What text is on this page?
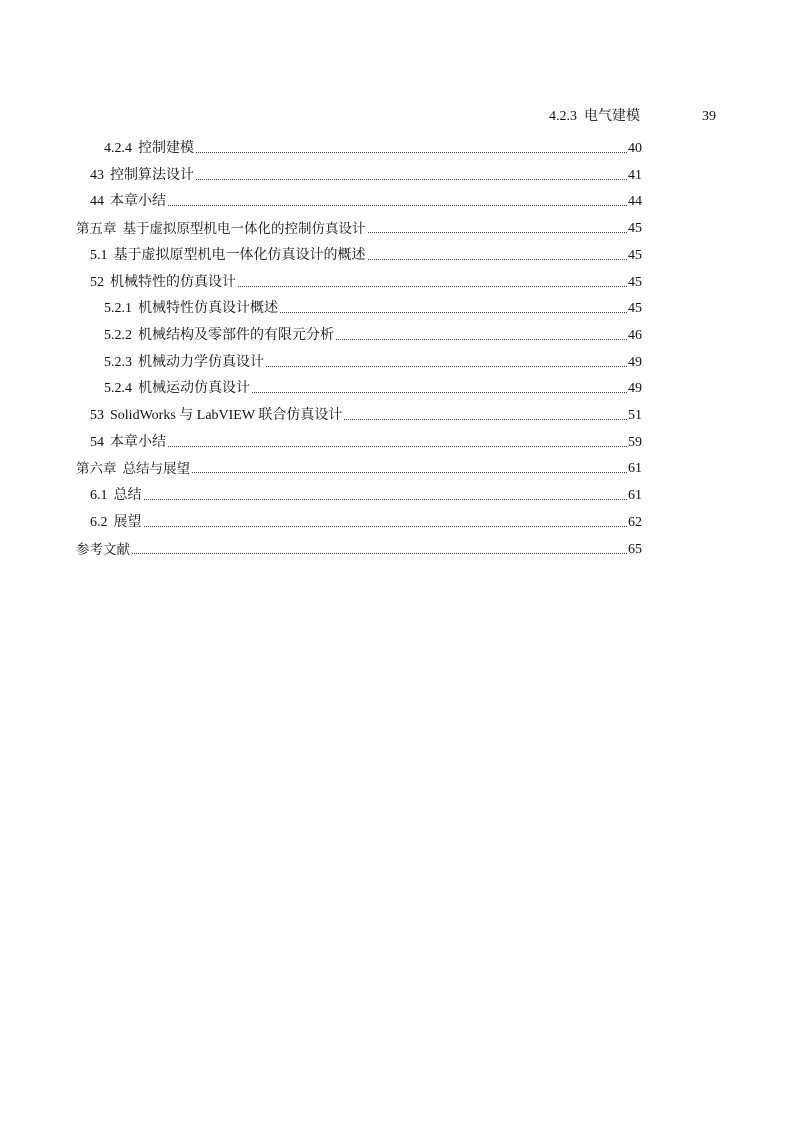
4.2.3 电气建模	39
4.2.4 控制建模	40
43 控制算法设计	41
44 本章小结	44
第五章 基于虚拟原型机电一体化的控制仿真设计	45
5.1 基于虚拟原型机电一体化仿真设计的概述	45
52 机械特性的仿真设计	45
5.2.1 机械特性仿真设计概述	45
5.2.2 机械结构及零部件的有限元分析	46
5.2.3 机械动力学仿真设计	49
5.2.4 机械运动仿真设计	49
53 SolidWorks 与 LabVIEW 联合仿真设计	51
54 本章小结	59
第六章 总结与展望	61
6.1 总结	61
6.2 展望	62
参考文献	65
